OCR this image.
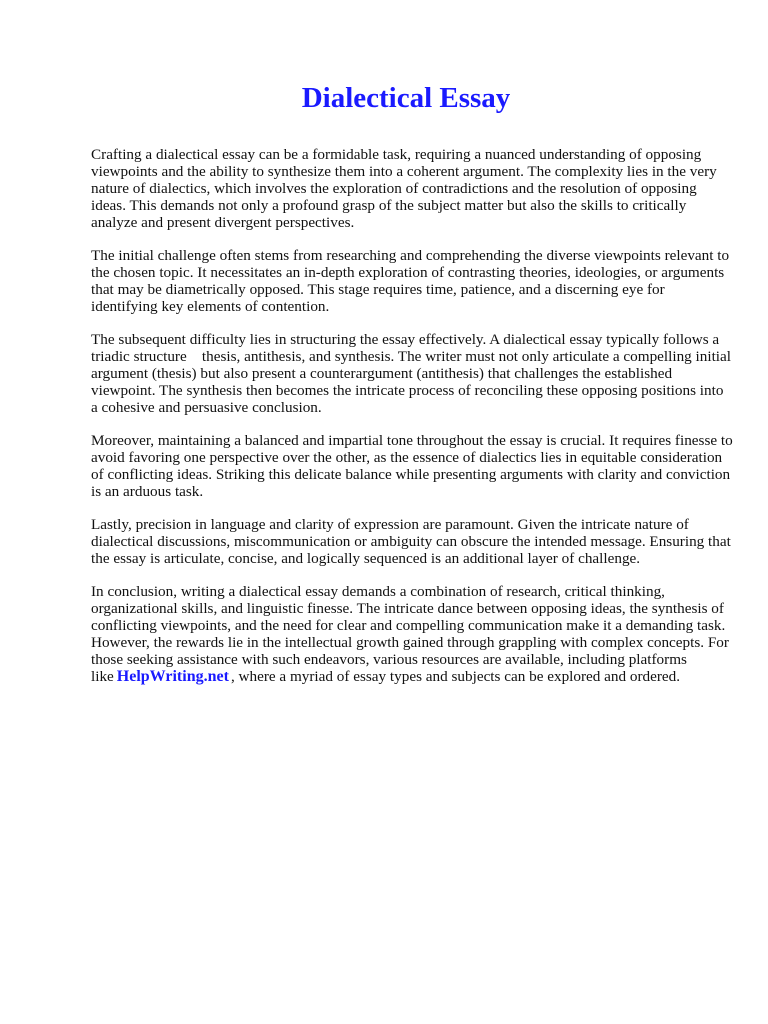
Dialectical Essay

Crafting a dialectical essay can be a formidable task, requiring a nuanced understanding of opposing viewpoints and the ability to synthesize them into a coherent argument. The complexity lies in the very nature of dialectics, which involves the exploration of contradictions and the resolution of opposing ideas. This demands not only a profound grasp of the subject matter but also the skills to critically analyze and present divergent perspectives.

The initial challenge often stems from researching and comprehending the diverse viewpoints relevant to the chosen topic. It necessitates an in-depth exploration of contrasting theories, ideologies, or arguments that may be diametrically opposed. This stage requires time, patience, and a discerning eye for identifying key elements of contention.

The subsequent difficulty lies in structuring the essay effectively. A dialectical essay typically follows a triadic structure    thesis, antithesis, and synthesis. The writer must not only articulate a compelling initial argument (thesis) but also present a counterargument (antithesis) that challenges the established viewpoint. The synthesis then becomes the intricate process of reconciling these opposing positions into a cohesive and persuasive conclusion.

Moreover, maintaining a balanced and impartial tone throughout the essay is crucial. It requires finesse to avoid favoring one perspective over the other, as the essence of dialectics lies in equitable consideration of conflicting ideas. Striking this delicate balance while presenting arguments with clarity and conviction is an arduous task.

Lastly, precision in language and clarity of expression are paramount. Given the intricate nature of dialectical discussions, miscommunication or ambiguity can obscure the intended message. Ensuring that the essay is articulate, concise, and logically sequenced is an additional layer of challenge.

In conclusion, writing a dialectical essay demands a combination of research, critical thinking, organizational skills, and linguistic finesse. The intricate dance between opposing ideas, the synthesis of conflicting viewpoints, and the need for clear and compelling communication make it a demanding task. However, the rewards lie in the intellectual growth gained through grappling with complex concepts. For those seeking assistance with such endeavors, various resources are available, including platforms like HelpWriting.net , where a myriad of essay types and subjects can be explored and ordered.
